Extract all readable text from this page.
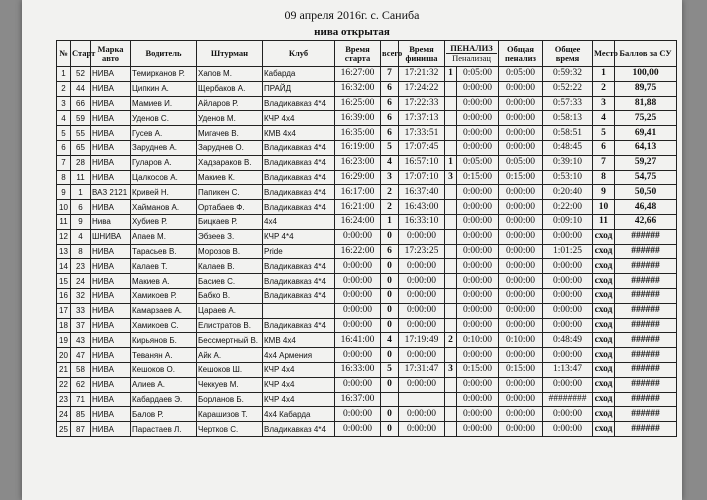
09 апреля 2016г. с. Саниба
нива открытая
№	Старт	Марка авто	Водитель	Штурман	Клуб	Время старта	всего	Время финиша	ПЕНАЛИЗ
Пенализац		Общая пенализ	Общее время	Место	Баллов за СУ
1	52	НИВА	Темирканов Р.	Хапов М.	Кабарда	16:27:00	7	17:21:32	1	0:05:00	0:05:00	0:59:32	1	100,00
2	44	НИВА	Ципкин А.	Щербаков А.	ПРАЙД	16:32:00	6	17:24:22		0:00:00	0:00:00	0:52:22	2	89,75
3	66	НИВА	Мамиев И.	Айларов Р.	Владикавказ 4*4	16:25:00	6	17:22:33		0:00:00	0:00:00	0:57:33	3	81,88
4	59	НИВА	Уденов С.	Уденов М.	КЧР 4x4	16:39:00	6	17:37:13		0:00:00	0:00:00	0:58:13	4	75,25
5	55	НИВА	Гусев А.	Мигачев В.	КМВ 4x4	16:35:00	6	17:33:51		0:00:00	0:00:00	0:58:51	5	69,41
6	65	НИВА	Заруднев А.	Заруднев О.	Владикавказ 4*4	16:19:00	5	17:07:45		0:00:00	0:00:00	0:48:45	6	64,13
7	28	НИВА	Гуларов А.	Хадзараков В.	Владикавказ 4*4	16:23:00	4	16:57:10	1	0:05:00	0:05:00	0:39:10	7	59,27
8	11	НИВА	Цалкосов А.	Макиев К.	Владикавказ 4*4	16:29:00	3	17:07:10	3	0:15:00	0:15:00	0:53:10	8	54,75
9	1	ВАЗ 2121	Кривей Н.	Папикен С.	Владикавказ 4*4	16:17:00	2	16:37:40		0:00:00	0:00:00	0:20:40	9	50,50
10	6	НИВА	Хайманов А.	Ортабаев Ф.	Владикавказ 4*4	16:21:00	2	16:43:00		0:00:00	0:00:00	0:22:00	10	46,48
11	9	Нива	Хубиев Р.	Бицкаев Р.	4x4	16:24:00	1	16:33:10		0:00:00	0:00:00	0:09:10	11	42,66
12	4	ШНИВА	Апаев М.	Эбзеев З.	КЧР 4*4	0:00:00	0	0:00:00		0:00:00	0:00:00	0:00:00	сход	######
13	8	НИВА	Тарасьев В.	Морозов В.	Pride	16:22:00	6	17:23:25		0:00:00	0:00:00	1:01:25	сход	######
14	23	НИВА	Калаев Т.	Калаев В.	Владикавказ 4*4	0:00:00	0	0:00:00		0:00:00	0:00:00	0:00:00	сход	######
15	24	НИВА	Макиев А.	Басиев С.	Владикавказ 4*4	0:00:00	0	0:00:00		0:00:00	0:00:00	0:00:00	сход	######
16	32	НИВА	Хамикоев Р.	Бабко В.	Владикавказ 4*4	0:00:00	0	0:00:00		0:00:00	0:00:00	0:00:00	сход	######
17	33	НИВА	Камарзаев А.	Цараев А.		0:00:00	0	0:00:00		0:00:00	0:00:00	0:00:00	сход	######
18	37	НИВА	Хамикоев С.	Елистратов В.	Владикавказ 4*4	0:00:00	0	0:00:00		0:00:00	0:00:00	0:00:00	сход	######
19	43	НИВА	Кирьянов Б.	Бессмертный В.	КМВ 4x4	16:41:00	4	17:19:49	2	0:10:00	0:10:00	0:48:49	сход	######
20	47	НИВА	Теванян А.	Айк А.	4x4 Армения	0:00:00	0	0:00:00		0:00:00	0:00:00	0:00:00	сход	######
21	58	НИВА	Кешоков О.	Кешоков Ш.	КЧР 4x4	16:33:00	5	17:31:47	3	0:15:00	0:15:00	1:13:47	сход	######
22	62	НИВА	Алиев А.	Чеккуев М.	КЧР 4x4	0:00:00	0	0:00:00		0:00:00	0:00:00	0:00:00	сход	######
23	71	НИВА	Кабардаев Э.	Борланов Б.	КЧР 4x4	16:37:00				0:00:00	0:00:00	########	сход	######
24	85	НИВА	Балов Р.	Карашизов Т.	4x4 Кабарда	0:00:00	0	0:00:00		0:00:00	0:00:00	0:00:00	сход	######
25	87	НИВА	Парастаев Л.	Чертков С.	Владикавказ 4*4	0:00:00	0	0:00:00		0:00:00	0:00:00	0:00:00	сход	######
